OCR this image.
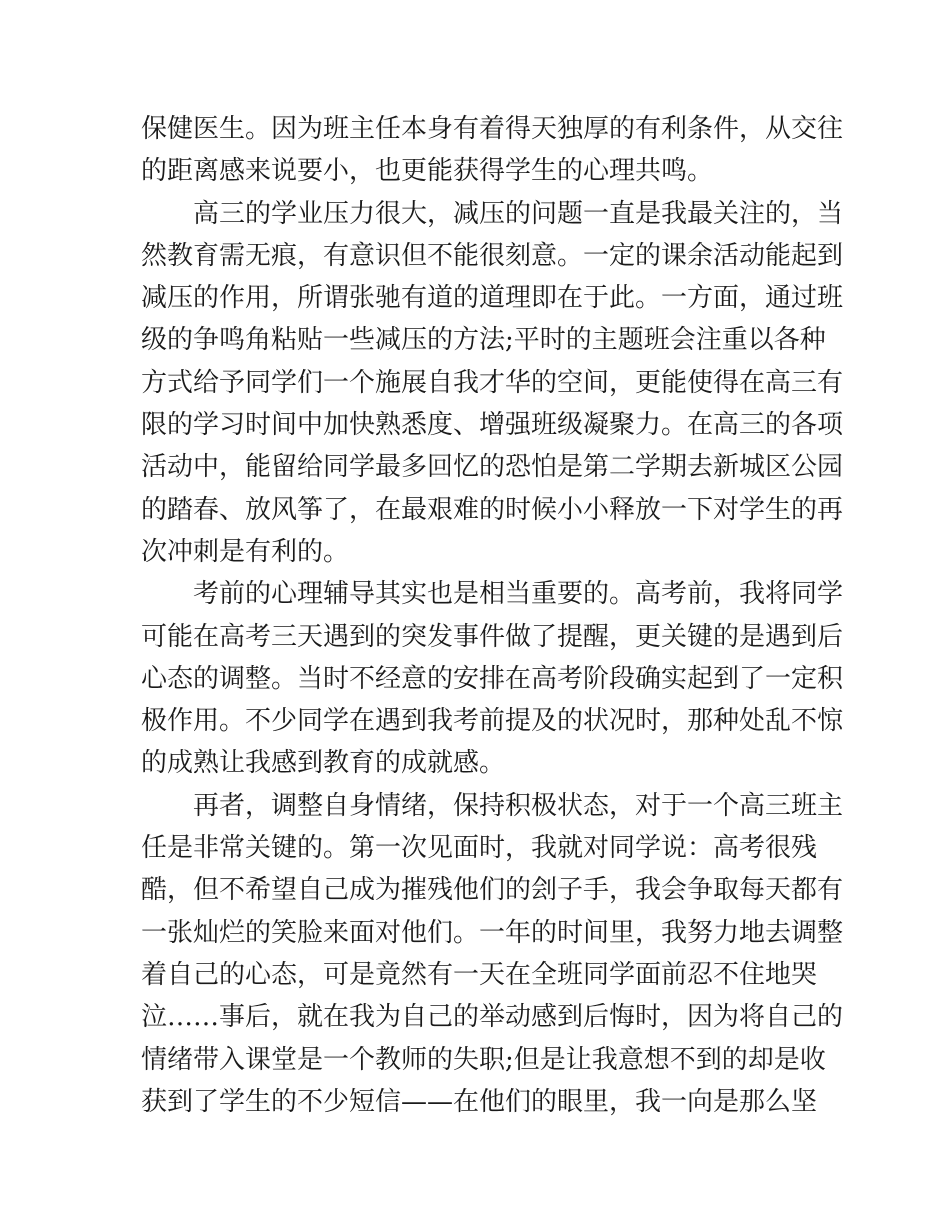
保健医生。因为班主任本身有着得天独厚的有利条件，从交往
的距离感来说要小，也更能获得学生的心理共鸣。
　　高三的学业压力很大，减压的问题一直是我最关注的，当
然教育需无痕，有意识但不能很刻意。一定的课余活动能起到
减压的作用，所谓张驰有道的道理即在于此。一方面，通过班
级的争鸣角粘贴一些减压的方法;平时的主题班会注重以各种
方式给予同学们一个施展自我才华的空间，更能使得在高三有
限的学习时间中加快熟悉度、增强班级凝聚力。在高三的各项
活动中，能留给同学最多回忆的恐怕是第二学期去新城区公园
的踏春、放风筝了，在最艰难的时候小小释放一下对学生的再
次冲刺是有利的。
　　考前的心理辅导其实也是相当重要的。高考前，我将同学
可能在高考三天遇到的突发事件做了提醒，更关键的是遇到后
心态的调整。当时不经意的安排在高考阶段确实起到了一定积
极作用。不少同学在遇到我考前提及的状况时，那种处乱不惊
的成熟让我感到教育的成就感。
　　再者，调整自身情绪，保持积极状态，对于一个高三班主
任是非常关键的。第一次见面时，我就对同学说：高考很残
酷，但不希望自己成为摧残他们的刽子手，我会争取每天都有
一张灿烂的笑脸来面对他们。一年的时间里，我努力地去调整
着自己的心态，可是竟然有一天在全班同学面前忍不住地哭
泣……事后，就在我为自己的举动感到后悔时，因为将自己的
情绪带入课堂是一个教师的失职;但是让我意想不到的却是收
获到了学生的不少短信——在他们的眼里，我一向是那么坚
